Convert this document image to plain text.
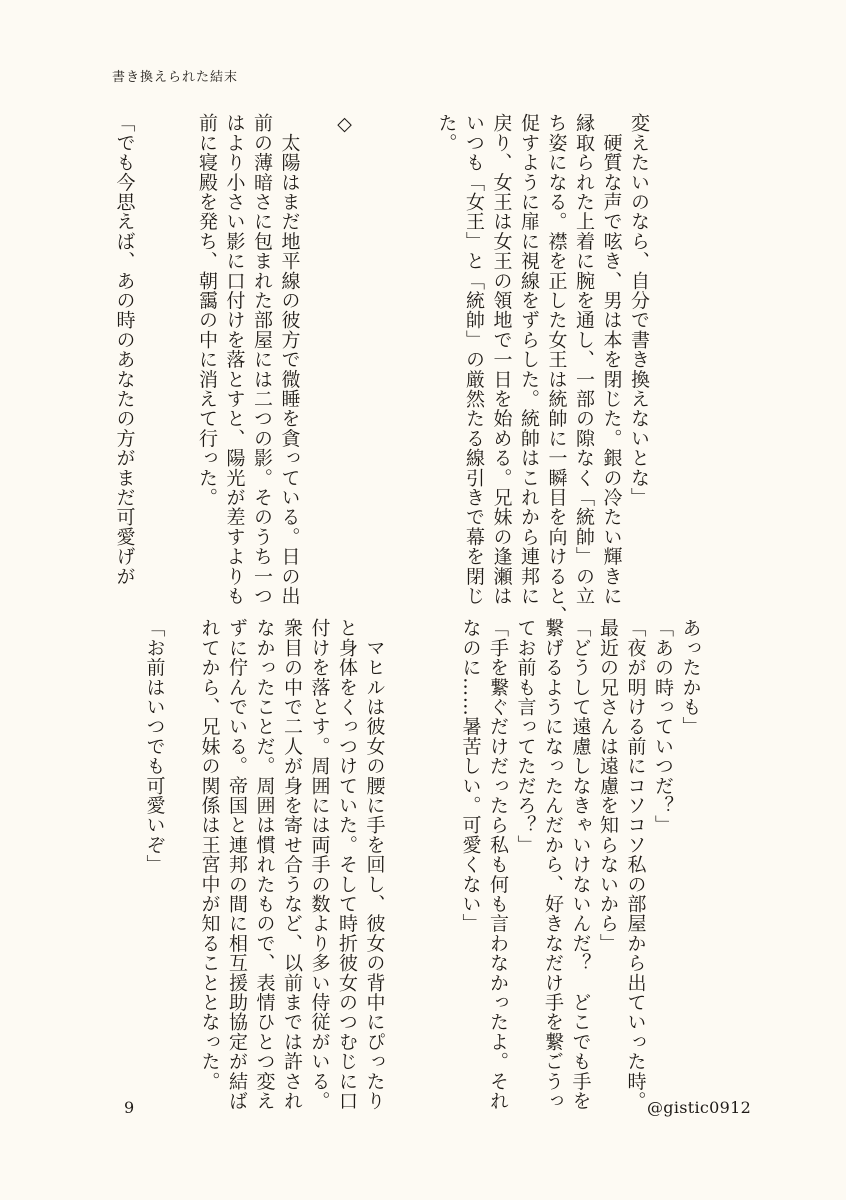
書き換えられた結末
変えたいのなら、自分で書き換えないとな」
　硬質な声で呟き、男は本を閉じた。銀の冷たい輝きに
縁取られた上着に腕を通し、一部の隙なく「統帥」の立
ち姿になる。襟を正した女王は統帥に一瞬目を向けると、
促すように扉に視線をずらした。統帥はこれから連邦に
戻り、女王は女王の領地で一日を始める。兄妹の逢瀬は
いつも「女王」と「統帥」の厳然たる線引きで幕を閉じ
た。

◇

　太陽はまだ地平線の彼方で微睡を貪っている。日の出
前の薄暗さに包まれた部屋には二つの影。そのうち一つ
はより小さい影に口付けを落とすと、陽光が差すよりも
前に寝殿を発ち、朝靄の中に消えて行った。

「でも今思えば、あの時のあなたの方がまだ可愛げが
あったかも」
「あの時っていつだ？」
「夜が明ける前にコソコソ私の部屋から出ていった時。
最近の兄さんは遠慮を知らないから」
「どうして遠慮しなきゃいけないんだ？　どこでも手を
繋げるようになったんだから、好きなだけ手を繋ごうっ
てお前も言ってただろ？」
「手を繋ぐだけだったら私も何も言わなかったよ。それ
なのに……暑苦しい。可愛くない」

　マヒルは彼女の腰に手を回し、彼女の背中にぴったり
と身体をくっつけていた。そして時折彼女のつむじに口
付けを落とす。周囲には両手の数より多い侍従がいる。
衆目の中で二人が身を寄せ合うなど、以前までは許され
なかったことだ。周囲は慣れたもので、表情ひとつ変え
ずに佇んでいる。帝国と連邦の間に相互援助協定が結ば
れてから、兄妹の関係は王宮中が知ることとなった。

「お前はいつでも可愛いぞ」
9	@gistic0912
